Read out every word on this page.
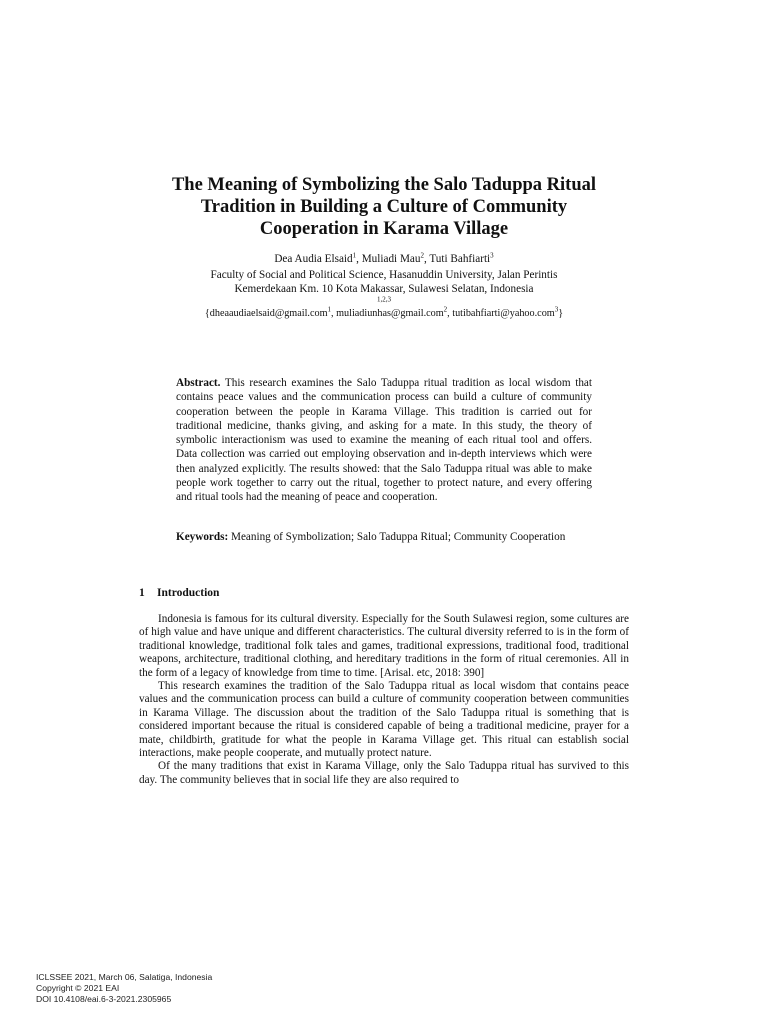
The Meaning of Symbolizing the Salo Taduppa Ritual
Tradition in Building a Culture of Community
Cooperation in Karama Village
Dea Audia Elsaid$^1$, Muliadi Mau$^2$, Tuti Bahfiarti$^3$
Faculty of Social and Political Science, Hasanuddin University, Jalan Perintis
Kemerdekaan Km. 10 Kota Makassar, Sulawesi Selatan, Indonesia
$^{1,2,3}$
{dheaaudiaelsaid@gmail.com$^1$, muliadiunhas@gmail.com$^2$, tutibahfiarti@yahoo.com$^3$}
Abstract. This research examines the Salo Taduppa ritual tradition as local wisdom that contains peace values and the communication process can build a culture of community cooperation between the people in Karama Village. This tradition is carried out for traditional medicine, thanks giving, and asking for a mate. In this study, the theory of symbolic interactionism was used to examine the meaning of each ritual tool and offers. Data collection was carried out employing observation and in-depth interviews which were then analyzed explicitly. The results showed: that the Salo Taduppa ritual was able to make people work together to carry out the ritual, together to protect nature, and every offering and ritual tools had the meaning of peace and cooperation.
Keywords: Meaning of Symbolization; Salo Taduppa Ritual; Community Cooperation
1 Introduction

Indonesia is famous for its cultural diversity. Especially for the South Sulawesi region, some cultures are of high value and have unique and different characteristics. The cultural diversity referred to is in the form of traditional knowledge, traditional folk tales and games, traditional expressions, traditional food, traditional weapons, architecture, traditional clothing, and hereditary traditions in the form of ritual ceremonies. All in the form of a legacy of knowledge from time to time. [Arisal. etc, 2018: 390]

This research examines the tradition of the Salo Taduppa ritual as local wisdom that contains peace values and the communication process can build a culture of community cooperation between communities in Karama Village. The discussion about the tradition of the Salo Taduppa ritual is something that is considered important because the ritual is considered capable of being a traditional medicine, prayer for a mate, childbirth, gratitude for what the people in Karama Village get. This ritual can establish social interactions, make people cooperate, and mutually protect nature.

Of the many traditions that exist in Karama Village, only the Salo Taduppa ritual has survived to this day. The community believes that in social life they are also required to

ICLSSEE 2021, March 06, Salatiga, Indonesia
Copyright © 2021 EAI
DOI 10.4108/eai.6-3-2021.2305965
